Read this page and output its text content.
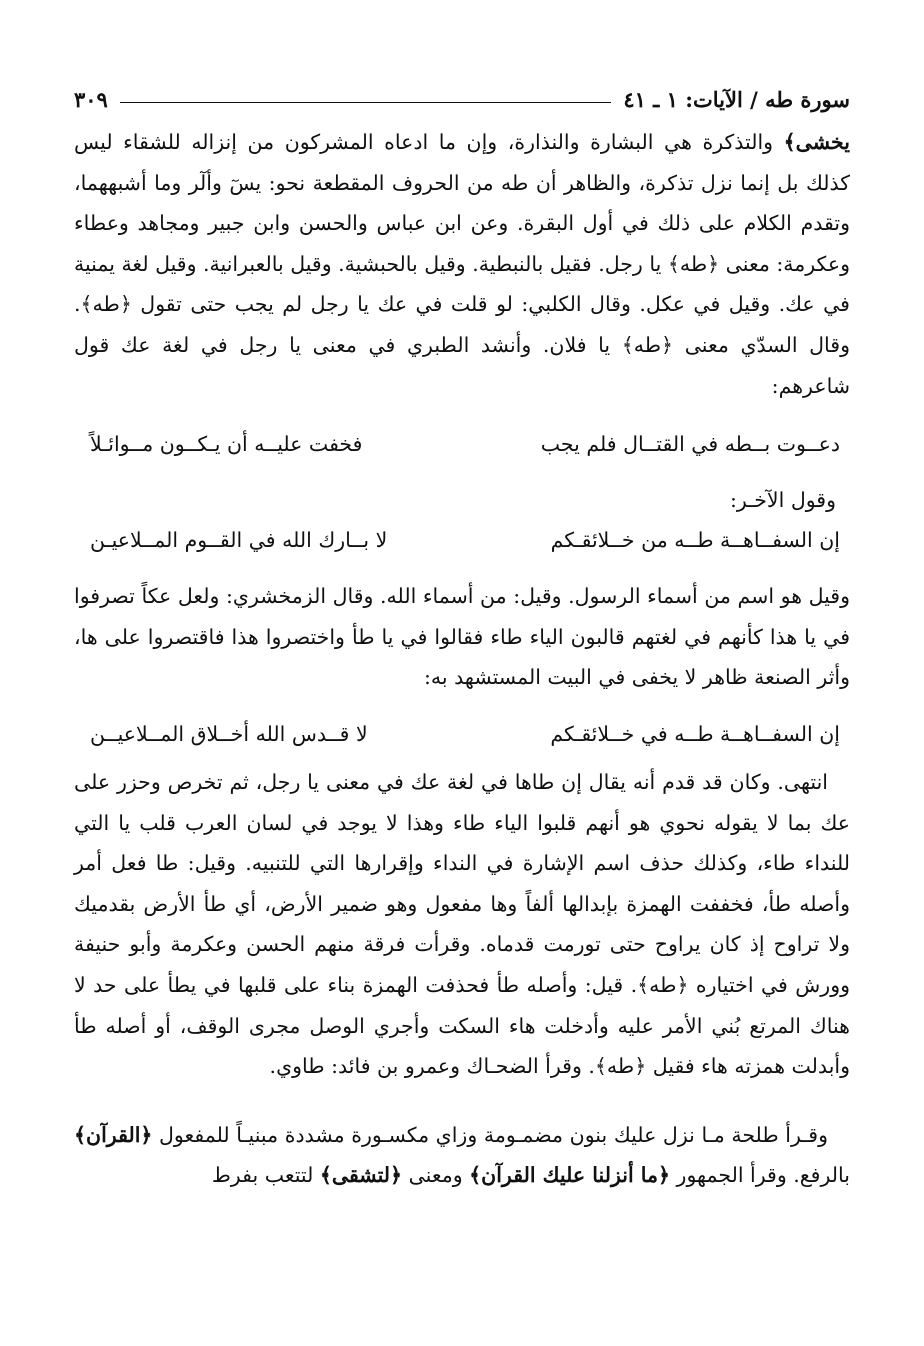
سورة طه / الآيات: ١ ـ ٤١
٣٠٩

يخشى﴾ والتذكرة هي البشارة والنذارة، وإن ما ادعاه المشركون من إنزاله للشقاء ليس كذلك بل إنما نزل تذكرة، والظاهر أن طه من الحروف المقطعة نحو: يسٓ وألٓر وما أشبههما، وتقدم الكلام على ذلك في أول البقرة. وعن ابن عباس والحسن وابن جبير ومجاهد وعطاء وعكرمة: معنى ﴿طه﴾ يا رجل. فقيل بالنبطية. وقيل بالحبشية. وقيل بالعبرانية. وقيل لغة يمنية في عك. وقيل في عكل. وقال الكلبي: لو قلت في عك يا رجل لم يجب حتى تقول ﴿طه﴾. وقال السدّي معنى ﴿طه﴾ يا فلان. وأنشد الطبري في معنى يا رجل في لغة عك قول شاعرهم:

دعــوت بــطه في القتــال فلم يجب
فخفت عليــه أن يـكــون مــوائـلاً
وقول الآخـر:
إن السفــاهــة طــه من خــلائقـكم
لا بــارك الله في القــوم المــلاعيـن

وقيل هو اسم من أسماء الرسول. وقيل: من أسماء الله. وقال الزمخشري: ولعل عكاً تصرفوا في يا هذا كأنهم في لغتهم قالبون الياء طاء فقالوا في يا طأ واختصروا هذا فاقتصروا على ها، وأثر الصنعة ظاهر لا يخفى في البيت المستشهد به:

إن السفــاهــة طــه في خــلائقـكم
لا قــدس الله أخــلاق المــلاعيــن

انتهى. وكان قد قدم أنه يقال إن طاها في لغة عك في معنى يا رجل، ثم تخرص وحزر على عك بما لا يقوله نحوي هو أنهم قلبوا الياء طاء وهذا لا يوجد في لسان العرب قلب يا التي للنداء طاء، وكذلك حذف اسم الإشارة في النداء وإقرارها التي للتنبيه. وقيل: طا فعل أمر وأصله طأ، فخففت الهمزة بإبدالها ألفاً وها مفعول وهو ضمير الأرض، أي طأ الأرض بقدميك ولا تراوح إذ كان يراوح حتى تورمت قدماه. وقرأت فرقة منهم الحسن وعكرمة وأبو حنيفة وورش في اختياره ﴿طه﴾. قيل: وأصله طأ فحذفت الهمزة بناء على قلبها في يطأ على حد لا هناك المرتع بُني الأمر عليه وأدخلت هاء السكت وأجري الوصل مجرى الوقف، أو أصله طأ وأبدلت همزته هاء فقيل ﴿طه﴾. وقرأ الضحـاك وعمرو بن فائد: طاوي.

وقـرأ طلحة مـا نزل عليك بنون مضمـومة وزاي مكسـورة مشددة مبنيـاً للمفعول ﴿القرآن﴾ بالرفع. وقرأ الجمهور ﴿ما أنزلنا عليك القرآن﴾ ومعنى ﴿لتشقى﴾ لتتعب بفرط
